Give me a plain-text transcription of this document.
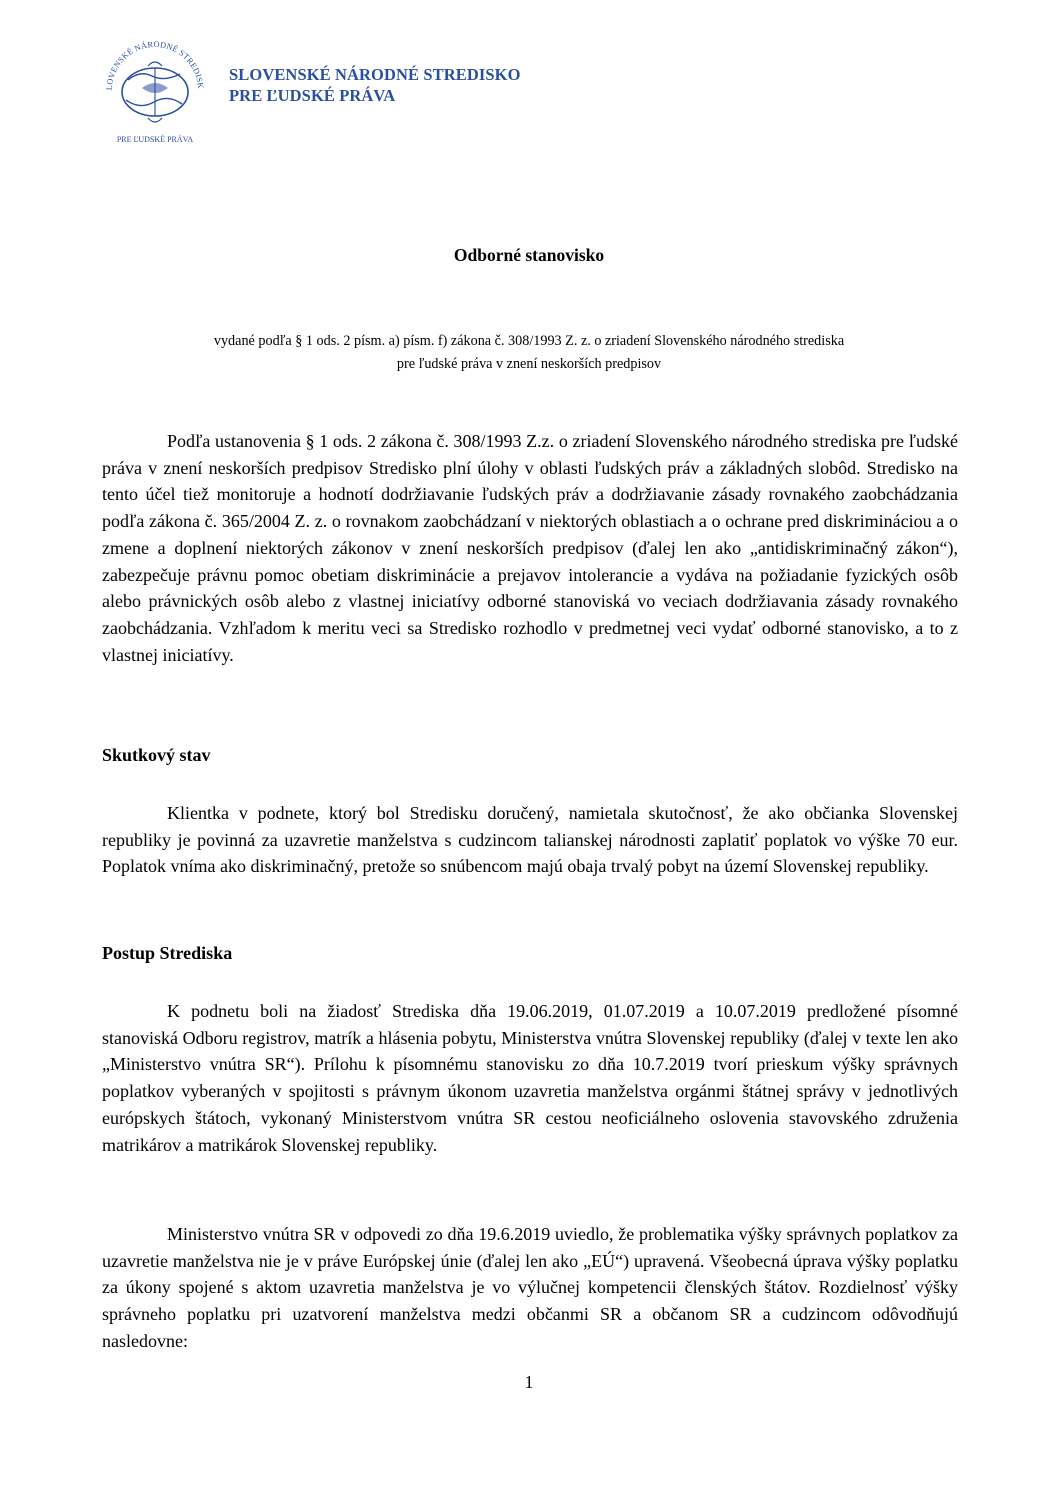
LOVENSKÉ NÁRODNÉ STREDISK
PRE ĽUDSKÉ PRÁVA
SLOVENSKÉ NÁRODNÉ STREDISKO
PRE ĽUDSKÉ PRÁVA
Odborné stanovisko
vydané podľa § 1 ods. 2 písm. a) písm. f) zákona č. 308/1993 Z. z. o zriadení Slovenského národného strediska
pre ľudské práva v znení neskorších predpisov

Podľa ustanovenia § 1 ods. 2 zákona č. 308/1993 Z.z. o zriadení Slovenského národného strediska pre ľudské práva v znení neskorších predpisov Stredisko plní úlohy v oblasti ľudských práv a základných slobôd. Stredisko na tento účel tiež monitoruje a hodnotí dodržiavanie ľudských práv a dodržiavanie zásady rovnakého zaobchádzania podľa zákona č. 365/2004 Z. z. o rovnakom zaobchádzaní v niektorých oblastiach a o ochrane pred diskrimináciou a o zmene a doplnení niektorých zákonov v znení neskorších predpisov (ďalej len ako „antidiskriminačný zákon“), zabezpečuje právnu pomoc obetiam diskriminácie a prejavov intolerancie a vydáva na požiadanie fyzických osôb alebo právnických osôb alebo z vlastnej iniciatívy odborné stanoviská vo veciach dodržiavania zásady rovnakého zaobchádzania. Vzhľadom k meritu veci sa Stredisko rozhodlo v predmetnej veci vydať odborné stanovisko, a to z vlastnej iniciatívy.

Skutkový stav

Klientka v podnete, ktorý bol Stredisku doručený, namietala skutočnosť, že ako občianka Slovenskej republiky je povinná za uzavretie manželstva s cudzincom talianskej národnosti zaplatiť poplatok vo výške 70 eur. Poplatok vníma ako diskriminačný, pretože so snúbencom majú obaja trvalý pobyt na území Slovenskej republiky.

Postup Strediska

K podnetu boli na žiadosť Strediska dňa 19.06.2019, 01.07.2019 a 10.07.2019 predložené písomné stanoviská Odboru registrov, matrík a hlásenia pobytu, Ministerstva vnútra Slovenskej republiky (ďalej v texte len ako „Ministerstvo vnútra SR“). Prílohu k písomnému stanovisku zo dňa 10.7.2019 tvorí prieskum výšky správnych poplatkov vyberaných v spojitosti s právnym úkonom uzavretia manželstva orgánmi štátnej správy v jednotlivých európskych štátoch, vykonaný Ministerstvom vnútra SR cestou neoficiálneho oslovenia stavovského združenia matrikárov a matrikárok Slovenskej republiky.

Ministerstvo vnútra SR v odpovedi zo dňa 19.6.2019 uviedlo, že problematika výšky správnych poplatkov za uzavretie manželstva nie je v práve Európskej únie (ďalej len ako „EÚ“) upravená. Všeobecná úprava výšky poplatku za úkony spojené s aktom uzavretia manželstva je vo výlučnej kompetencii členských štátov. Rozdielnosť výšky správneho poplatku pri uzatvorení manželstva medzi občanmi SR a občanom SR a cudzincom odôvodňujú nasledovne:

1
